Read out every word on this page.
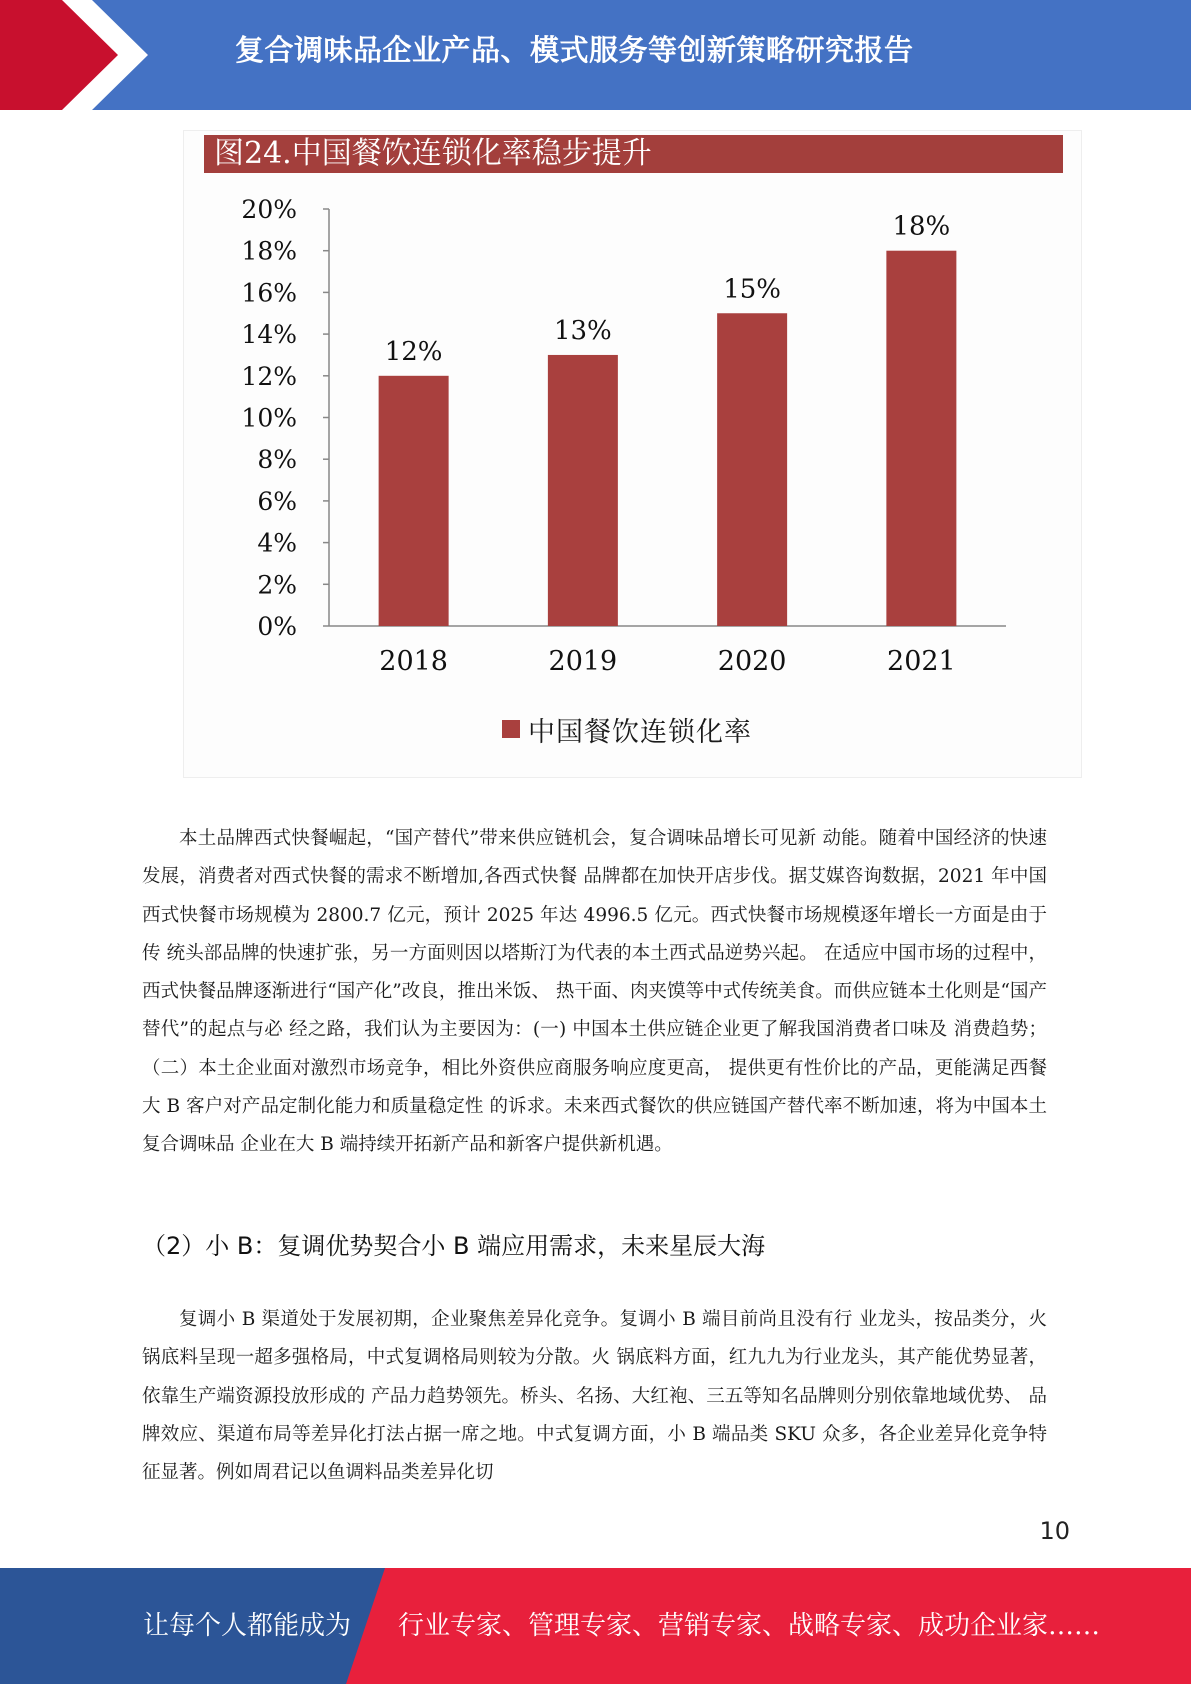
复合调味品企业产品、模式服务等创新策略研究报告
0%
2%
4%
6%
8%
10%
12%
14%
16%
18%
20%
12%
13%
15%
18%
2018	2019	2020	2021
图24.中国餐饮连锁化率稳步提升
中国餐饮连锁化率

本土品牌西式快餐崛起，“国产替代”带来供应链机会，复合调味品增长可见新 动能。随着中国经济的快速发展，消费者对西式快餐的需求不断增加,各西式快餐 品牌都在加快开店步伐。据艾媒咨询数据，2021 年中国西式快餐市场规模为 2800.7 亿元，预计 2025 年达 4996.5 亿元。西式快餐市场规模逐年增长一方面是由于传 统头部品牌的快速扩张，另一方面则因以塔斯汀为代表的本土西式品逆势兴起。 在适应中国市场的过程中，西式快餐品牌逐渐进行“国产化”改良，推出米饭、 热干面、肉夹馍等中式传统美食。而供应链本土化则是“国产替代”的起点与必 经之路，我们认为主要因为：(一) 中国本土供应链企业更了解我国消费者口味及 消费趋势；（二）本土企业面对激烈市场竞争，相比外资供应商服务响应度更高， 提供更有性价比的产品，更能满足西餐大 B 客户对产品定制化能力和质量稳定性 的诉求。未来西式餐饮的供应链国产替代率不断加速，将为中国本土复合调味品 企业在大 B 端持续开拓新产品和新客户提供新机遇。

（2）小 B：复调优势契合小 B 端应用需求，未来星辰大海

复调小 B 渠道处于发展初期，企业聚焦差异化竞争。复调小 B 端目前尚且没有行 业龙头，按品类分，火锅底料呈现一超多强格局，中式复调格局则较为分散。火 锅底料方面，红九九为行业龙头，其产能优势显著，依靠生产端资源投放形成的 产品力趋势领先。桥头、名扬、大红袍、三五等知名品牌则分别依靠地域优势、 品牌效应、渠道布局等差异化打法占据一席之地。中式复调方面，小 B 端品类 SKU 众多，各企业差异化竞争特征显著。例如周君记以鱼调料品类差异化切

10
让每个人都能成为 行业专家、管理专家、营销专家、战略专家、成功企业家……
